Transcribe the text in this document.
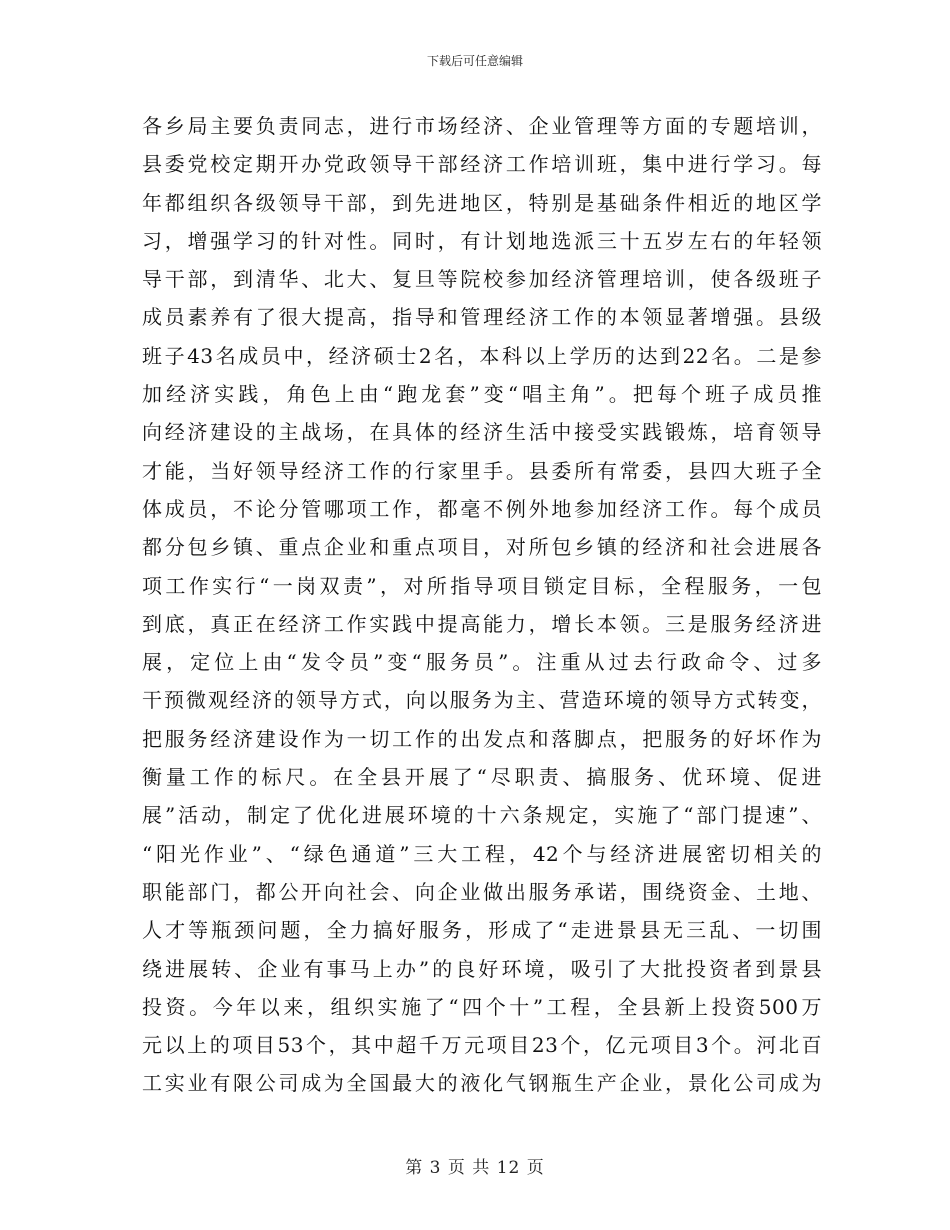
下载后可任意编辑
各乡局主要负责同志，进行市场经济、企业管理等方面的专题培训，
县委党校定期开办党政领导干部经济工作培训班，集中进行学习。每
年都组织各级领导干部，到先进地区，特别是基础条件相近的地区学
习，增强学习的针对性。同时，有计划地选派三十五岁左右的年轻领
导干部，到清华、北大、复旦等院校参加经济管理培训，使各级班子
成员素养有了很大提高，指导和管理经济工作的本领显著增强。县级
班子43名成员中，经济硕士2名，本科以上学历的达到22名。二是参
加经济实践，角色上由“跑龙套”变“唱主角”。把每个班子成员推
向经济建设的主战场，在具体的经济生活中接受实践锻炼，培育领导
才能，当好领导经济工作的行家里手。县委所有常委，县四大班子全
体成员，不论分管哪项工作，都毫不例外地参加经济工作。每个成员
都分包乡镇、重点企业和重点项目，对所包乡镇的经济和社会进展各
项工作实行“一岗双责”，对所指导项目锁定目标，全程服务，一包
到底，真正在经济工作实践中提高能力，增长本领。三是服务经济进
展，定位上由“发令员”变“服务员”。注重从过去行政命令、过多
干预微观经济的领导方式，向以服务为主、营造环境的领导方式转变，
把服务经济建设作为一切工作的出发点和落脚点，把服务的好坏作为
衡量工作的标尺。在全县开展了“尽职责、搞服务、优环境、促进
展”活动，制定了优化进展环境的十六条规定，实施了“部门提速”、
“阳光作业”、“绿色通道”三大工程，42个与经济进展密切相关的
职能部门，都公开向社会、向企业做出服务承诺，围绕资金、土地、
人才等瓶颈问题，全力搞好服务，形成了“走进景县无三乱、一切围
绕进展转、企业有事马上办”的良好环境，吸引了大批投资者到景县
投资。今年以来，组织实施了“四个十”工程，全县新上投资500万
元以上的项目53个，其中超千万元项目23个，亿元项目3个。河北百
工实业有限公司成为全国最大的液化气钢瓶生产企业，景化公司成为
第 3 页 共 12 页
